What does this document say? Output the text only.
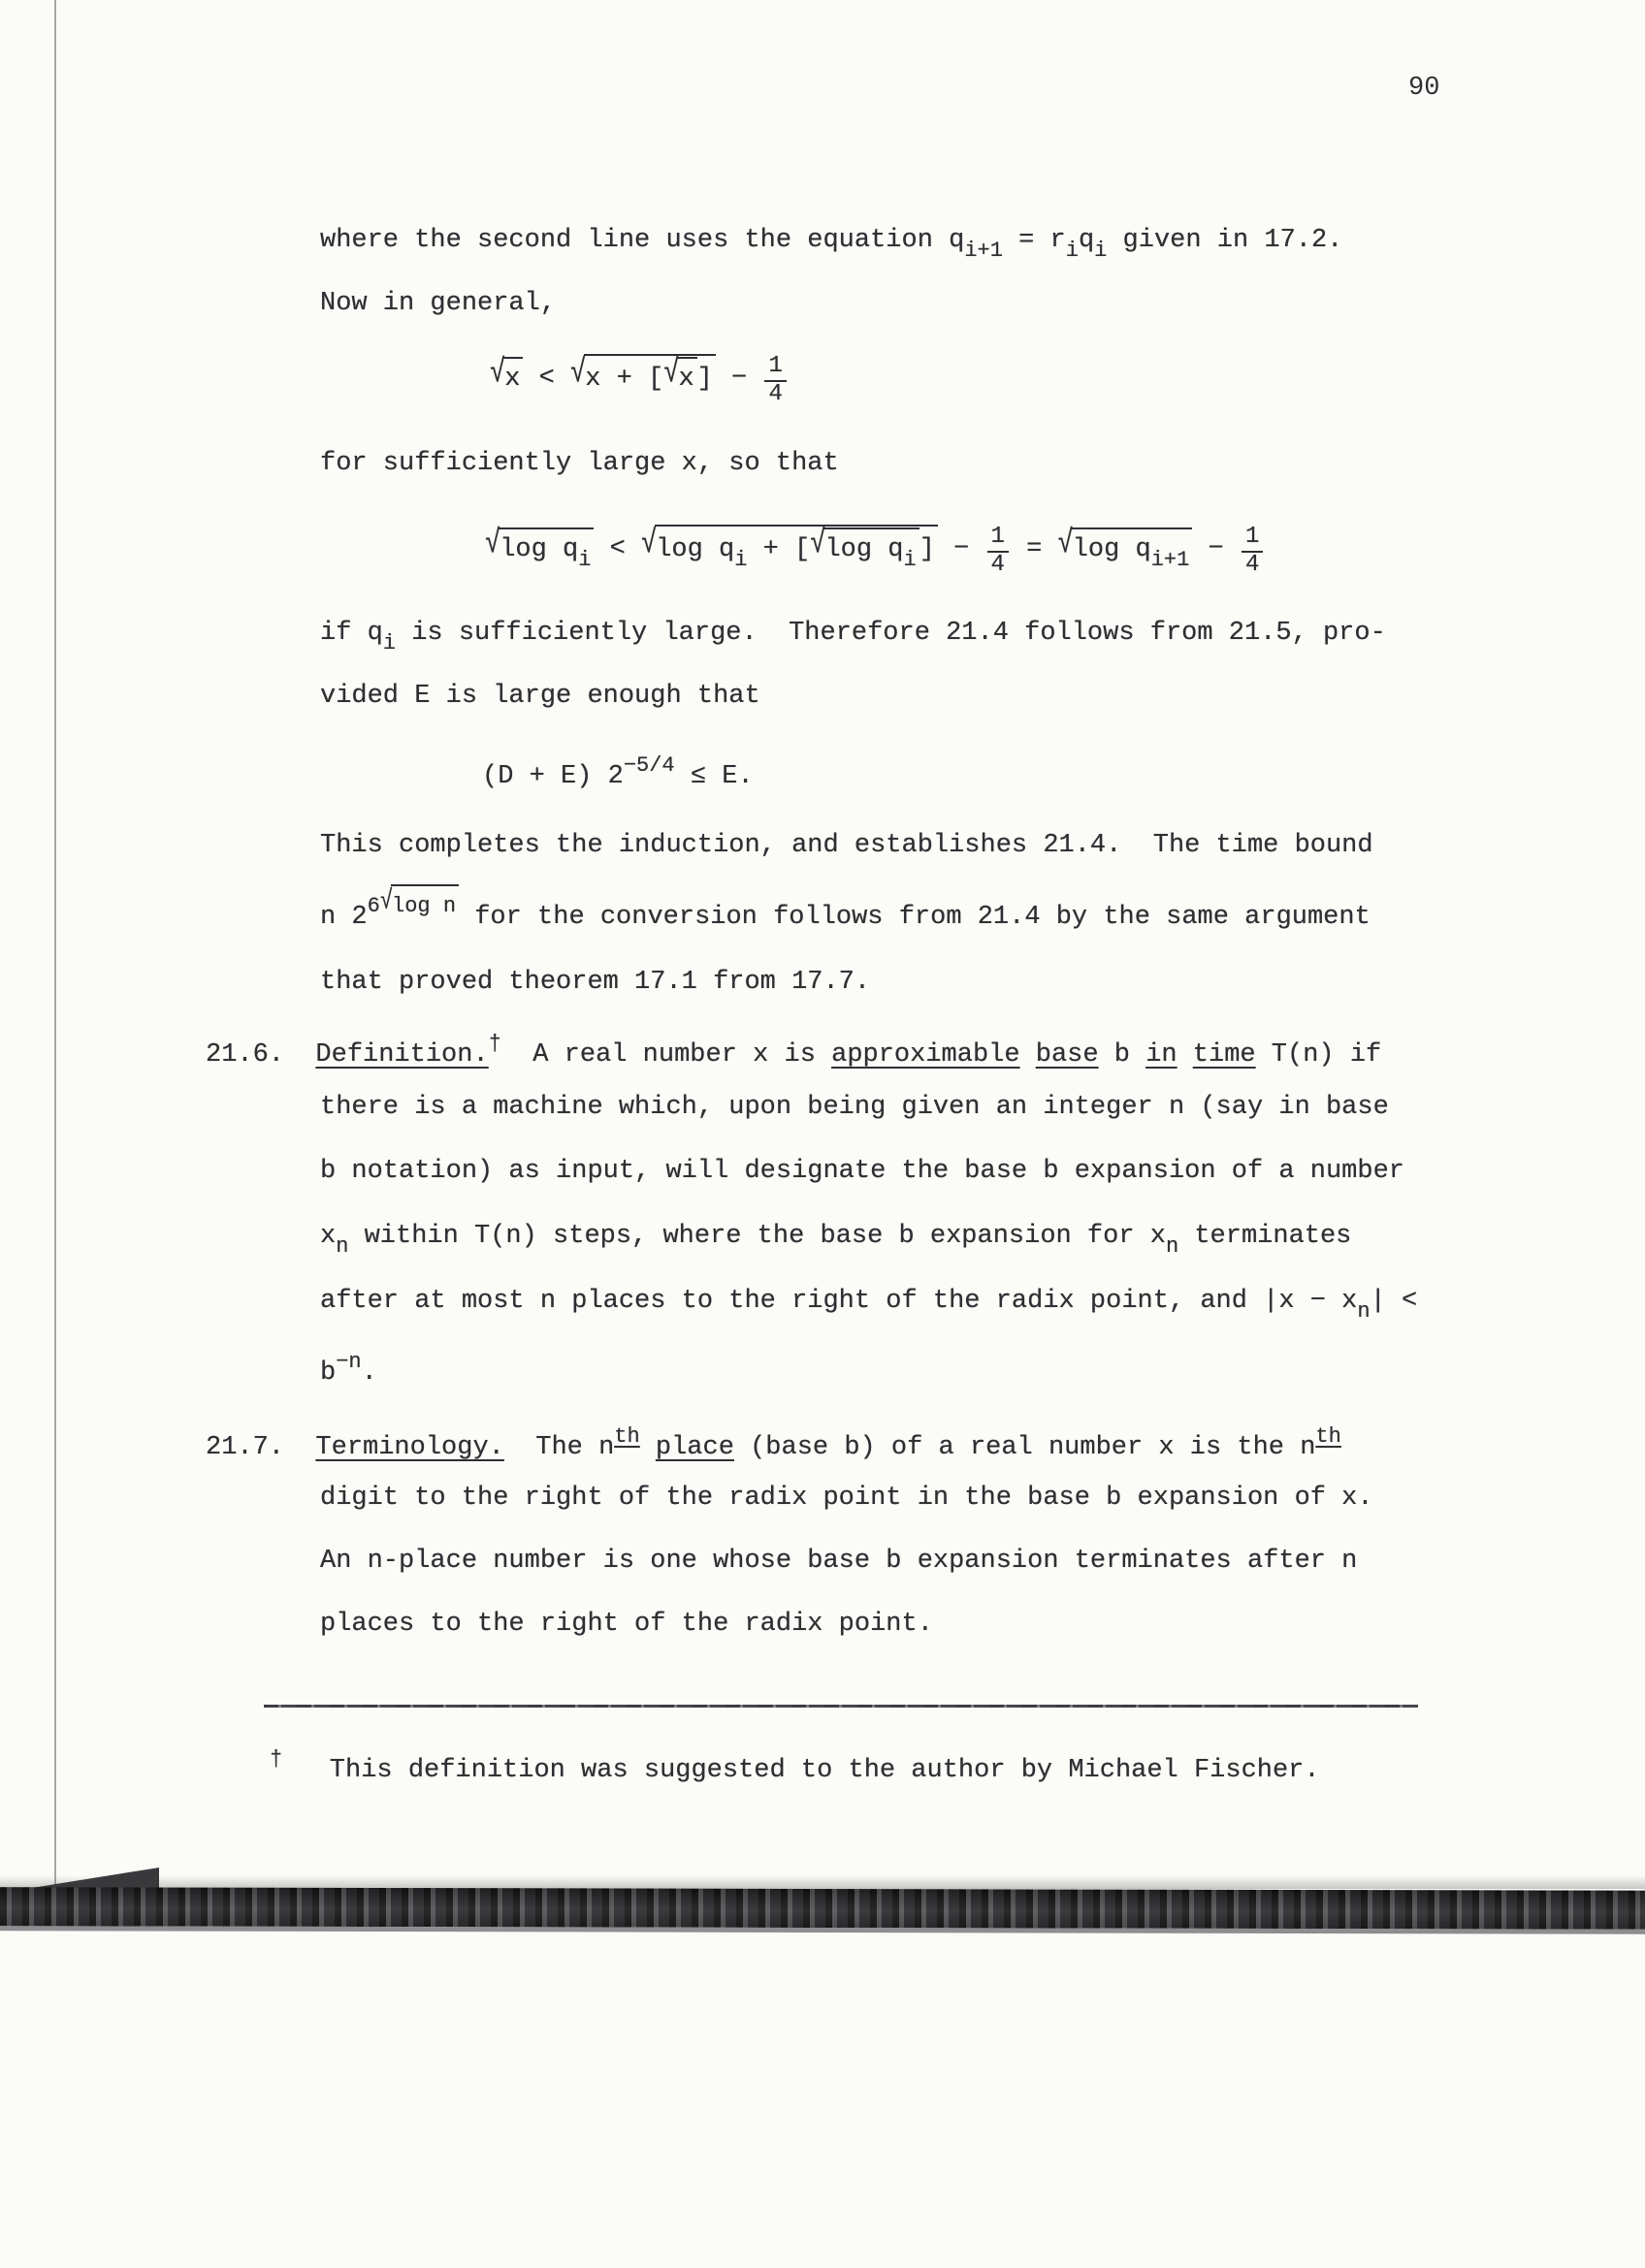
90
where the second line uses the equation $q_{i+1} = r_iq_i$ given in 17.2.
Now in general,
√x < √x + [√x ] − $\frac{1}{4}$
for sufficiently large x, so that
√log $q_i < √\log$ $q_i + [√\log$ $q_i$ ] − $\frac{1}{4} = √\log$ $q_{i+1} - \frac{1}{4}$
if $q_i$ is sufficiently large.  Therefore 21.4 follows from 21.5, pro-
vided E is large enough that
(D + E) $2^{-5/4} \le E$.
This completes the induction, and establishes 21.4.  The time bound
n $2^{6√log n}$ for the conversion follows from 21.4 by the same argument
that proved theorem 17.1 from 17.7.
21.6.  Definition.†  A real number x is approximable base b in time T(n) if
there is a machine which, upon being given an integer n (say in base
b notation) as input, will designate the base b expansion of a number
$x_n$ within T(n) steps, where the base b expansion for $x_n$ terminates
after at most n places to the right of the radix point, and $|x - x_n|$ <
$b^{-n}$.
21.7.  Terminology.  The $n^{th}$ place (base b) of a real number x is the $n^{th}$
digit to the right of the radix point in the base b expansion of x.
An n-place number is one whose base b expansion terminates after n
places to the right of the radix point.
†   This definition was suggested to the author by Michael Fischer.
